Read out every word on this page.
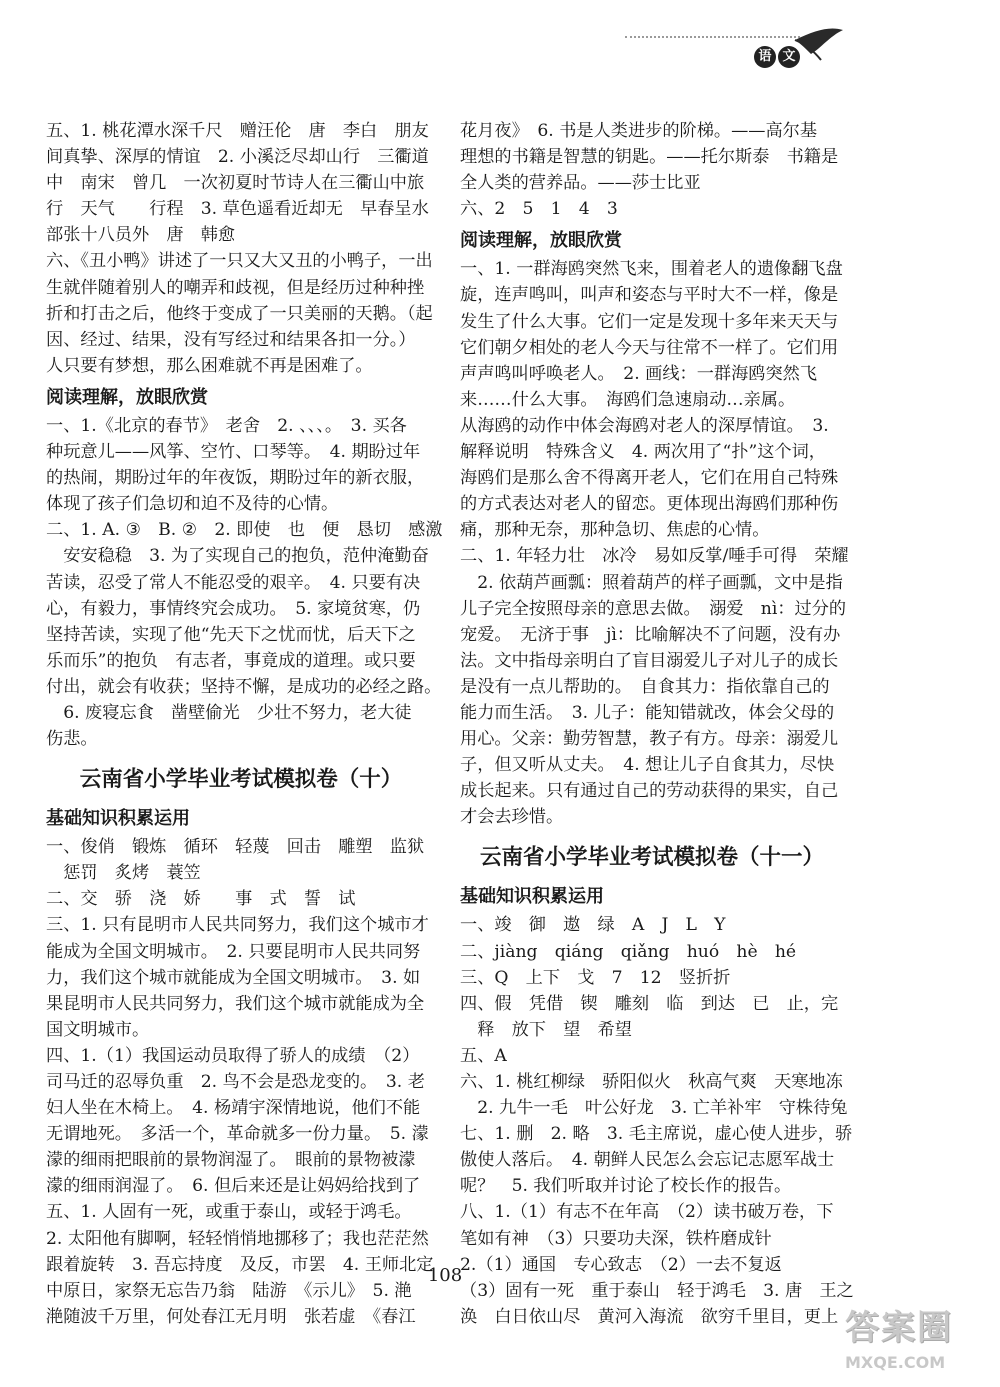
语 文

五、1. 桃花潭水深千尺　赠汪伦　唐　李白　朋友

间真挚、深厚的情谊　2. 小溪泛尽却山行　三衢道

中　南宋　曾几　一次初夏时节诗人在三衢山中旅

行　天气　　行程　3. 草色遥看近却无　早春呈水

部张十八员外　唐　韩愈

六、《丑小鸭》讲述了一只又大又丑的小鸭子，一出

生就伴随着别人的嘲弄和歧视，但是经历过种种挫

折和打击之后，他终于变成了一只美丽的天鹅。（起

因、经过、结果，没有写经过和结果各扣一分。）

人只要有梦想，那么困难就不再是困难了。

阅读理解，放眼欣赏

一、1.《北京的春节》　老舍　2. 、、、。　3. 买各

种玩意儿——风筝、空竹、口琴等。　4. 期盼过年

的热闹，期盼过年的年夜饭，期盼过年的新衣服，

体现了孩子们急切和迫不及待的心情。

二、1. A. ③　B. ②　2. 即使　也　便　恳切　感激

　安安稳稳　3. 为了实现自己的抱负，范仲淹勤奋

苦读，忍受了常人不能忍受的艰辛。　4. 只要有决

心，有毅力，事情终究会成功。　5. 家境贫寒，仍

坚持苦读，实现了他“先天下之忧而忧，后天下之

乐而乐”的抱负　有志者，事竟成的道理。或只要

付出，就会有收获；坚持不懈，是成功的必经之路。

　6. 废寝忘食　凿壁偷光　少壮不努力，老大徒

伤悲。

云南省小学毕业考试模拟卷（十）
基础知识积累运用

一、俊俏　锻炼　循环　轻蔑　回击　雕塑　监狱

　惩罚　炙烤　蓑笠

二、交　骄　浇　娇　　事　式　誓　试

三、1. 只有昆明市人民共同努力，我们这个城市才

能成为全国文明城市。　2. 只要昆明市人民共同努

力，我们这个城市就能成为全国文明城市。　3. 如

果昆明市人民共同努力，我们这个城市就能成为全

国文明城市。

四、1.（1）我国运动员取得了骄人的成绩　（2）

司马迁的忍辱负重　2. 鸟不会是恐龙变的。　3. 老

妇人坐在木椅上。　4. 杨靖宇深情地说，他们不能

无谓地死。　多活一个，革命就多一份力量。　5. 濛

濛的细雨把眼前的景物润湿了。　眼前的景物被濛

濛的细雨润湿了。　6. 但后来还是让妈妈给找到了

五、1. 人固有一死，或重于泰山，或轻于鸿毛。

2. 太阳他有脚啊，轻轻悄悄地挪移了；我也茫茫然

跟着旋转　3. 吾忘持度　及反，市罢　4. 王师北定

中原日，家祭无忘告乃翁　陆游　《示儿》　5. 滟

滟随波千万里，何处春江无月明　张若虚　《春江

花月夜》　6. 书是人类进步的阶梯。——高尔基

理想的书籍是智慧的钥匙。——托尔斯泰　书籍是

全人类的营养品。——莎士比亚

六、2　5　1　4　3

阅读理解，放眼欣赏

一、1. 一群海鸥突然飞来，围着老人的遗像翻飞盘

旋，连声鸣叫，叫声和姿态与平时大不一样，像是

发生了什么大事。它们一定是发现十多年来天天与

它们朝夕相处的老人今天与往常不一样了。它们用

声声鸣叫呼唤老人。　2. 画线：一群海鸥突然飞

来……什么大事。　海鸥们急速扇动…亲属。

从海鸥的动作中体会海鸥对老人的深厚情谊。　3.

解释说明　特殊含义　4. 两次用了“扑”这个词，

海鸥们是那么舍不得离开老人，它们在用自己特殊

的方式表达对老人的留恋。更体现出海鸥们那种伤

痛，那种无奈，那种急切、焦虑的心情。

二、1. 年轻力壮　冰冷　易如反掌/唾手可得　荣耀

　2. 依葫芦画瓢：照着葫芦的样子画瓢，文中是指

儿子完全按照母亲的意思去做。　溺爱　nì：过分的

宠爱。　无济于事　jì：比喻解决不了问题，没有办

法。文中指母亲明白了盲目溺爱儿子对儿子的成长

是没有一点儿帮助的。　自食其力：指依靠自己的

能力而生活。　3. 儿子：能知错就改，体会父母的

用心。父亲：勤劳智慧，教子有方。母亲：溺爱儿

子，但又听从丈夫。　4. 想让儿子自食其力，尽快

成长起来。只有通过自己的劳动获得的果实，自己

才会去珍惜。

云南省小学毕业考试模拟卷（十一）
基础知识积累运用

一、竣　御　遨　绿　A　J　L　Y

二、jiàng　qiáng　qiǎng　huó　hè　hé

三、Q　上下　戈　7　12　竖折折

四、假　凭借　锲　雕刻　临　到达　已　止，完

　释　放下　望　希望

五、A

六、1. 桃红柳绿　骄阳似火　秋高气爽　天寒地冻

　2. 九牛一毛　叶公好龙　3. 亡羊补牢　守株待兔

七、1. 删　2. 略　3. 毛主席说，虚心使人进步，骄

傲使人落后。　4. 朝鲜人民怎么会忘记志愿军战士

呢？　5. 我们听取并讨论了校长作的报告。

八、1.（1）有志不在年高　（2）读书破万卷，下

笔如有神　（3）只要功夫深，铁杵磨成针

2.（1）通国　专心致志　（2）一去不复返

（3）固有一死　重于泰山　轻于鸿毛　3. 唐　王之

涣　白日依山尽　黄河入海流　欲穷千里目，更上

108
答案圈
MXQE.COM
